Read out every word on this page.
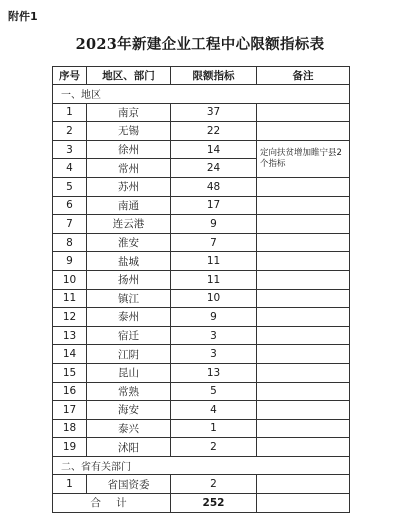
附件1
2023年新建企业工程中心限额指标表
序号	地区、部门	限额指标	备注
一、地区			
1	南京	37	
2	无锡	22	
3	徐州	14	定向扶贫增加睢宁县2个指标
4	常州	24	
5	苏州	48	
6	南通	17	
7	连云港	9	
8	淮安	7	
9	盐城	11	
10	扬州	11	
11	镇江	10	
12	泰州	9	
13	宿迁	3	
14	江阴	3	
15	昆山	13	
16	常熟	5	
17	海安	4	
18	泰兴	1	
19	沭阳	2	
二、省有关部门			
1	省国资委	2	
合 计		252	
